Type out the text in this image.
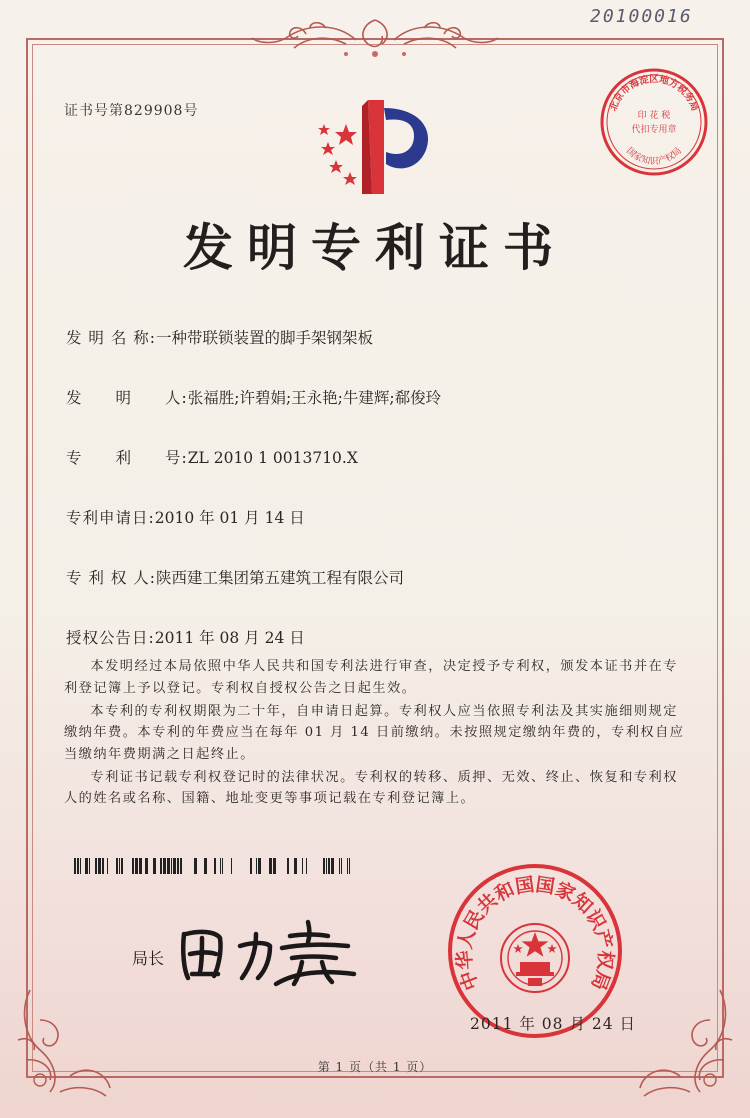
20100016
证书号第829908号	北京市海淀区地方税务局
印 花 税
代扣专用章
国家知识产权局
发明专利证书
发 明 名 称:一种带联锁装置的脚手架钢架板
发　　明　　人:张福胜;许碧娟;王永艳;牛建辉;郗俊玲
专　　利　　号:ZL 2010 1 0013710.X
专利申请日:2010 年 01 月 14 日
专 利 权 人:陕西建工集团第五建筑工程有限公司
授权公告日:2011 年 08 月 24 日

本发明经过本局依照中华人民共和国专利法进行审查，决定授予专利权，颁发本证书并在专利登记簿上予以登记。专利权自授权公告之日起生效。

本专利的专利权期限为二十年，自申请日起算。专利权人应当依照专利法及其实施细则规定缴纳年费。本专利的年费应当在每年 01 月 14 日前缴纳。未按照规定缴纳年费的，专利权自应当缴纳年费期满之日起终止。

专利证书记载专利权登记时的法律状况。专利权的转移、质押、无效、终止、恢复和专利权人的姓名或名称、国籍、地址变更等事项记载在专利登记簿上。

局长
中华人民共和国国家知识产权局
2011 年 08 月 24 日
第 1 页（共 1 页）
